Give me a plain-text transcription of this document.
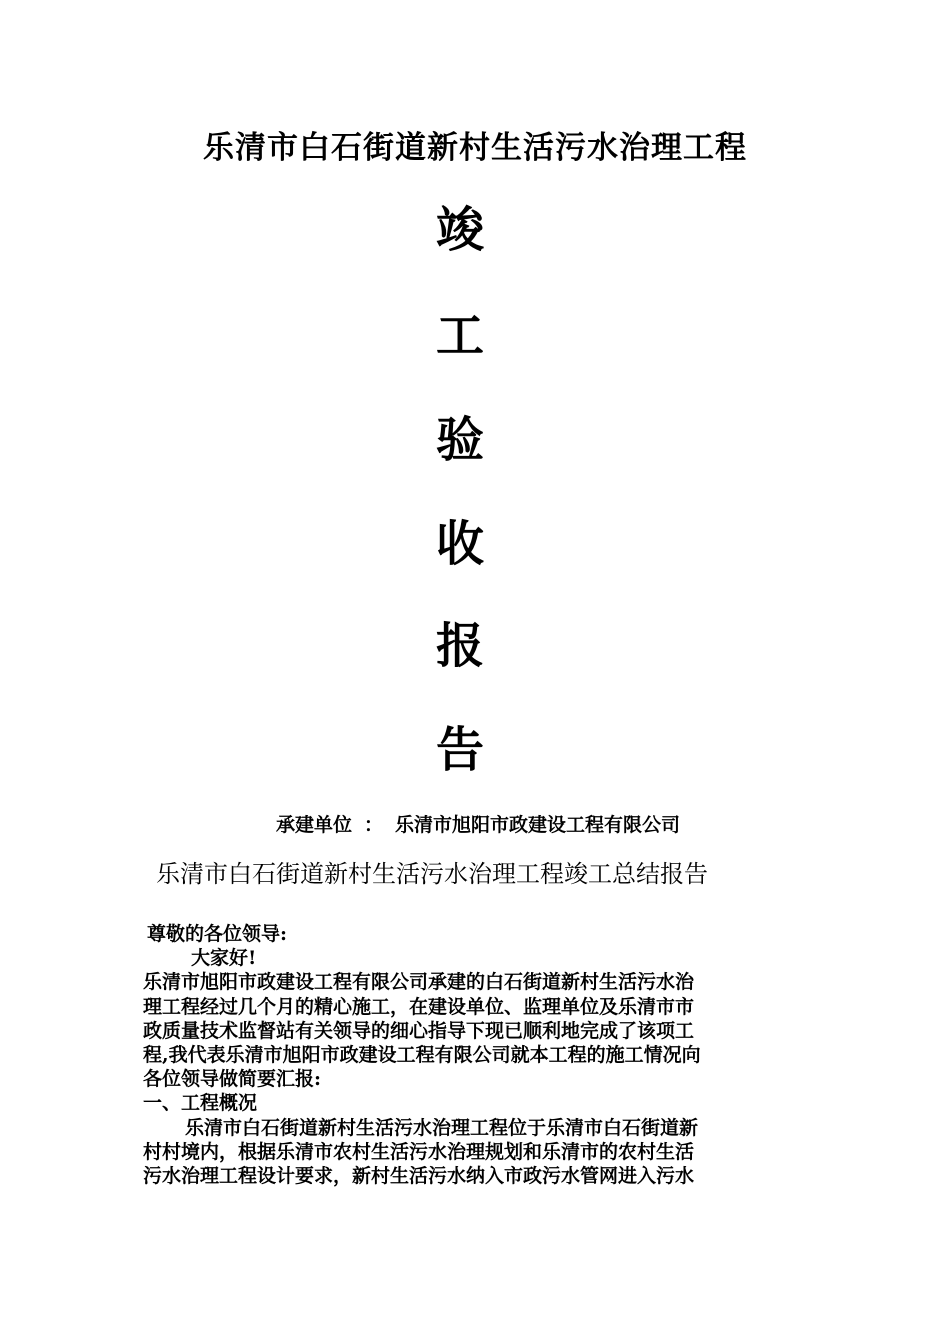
乐清市白石街道新村生活污水治理工程
竣
工
验
收
报
告
承建单位 ： 乐清市旭阳市政建设工程有限公司
乐清市白石街道新村生活污水治理工程竣工总结报告

尊敬的各位领导:

大家好!

乐清市旭阳市政建设工程有限公司承建的白石街道新村生活污水治

理工程经过几个月的精心施工，在建设单位、监理单位及乐清市市

政质量技术监督站有关领导的细心指导下现已顺利地完成了该项工

程,我代表乐清市旭阳市政建设工程有限公司就本工程的施工情况向

各位领导做简要汇报:

一、工程概况

乐清市白石街道新村生活污水治理工程位于乐清市白石街道新

村村境内，根据乐清市农村生活污水治理规划和乐清市的农村生活

污水治理工程设计要求，新村生活污水纳入市政污水管网进入污水
